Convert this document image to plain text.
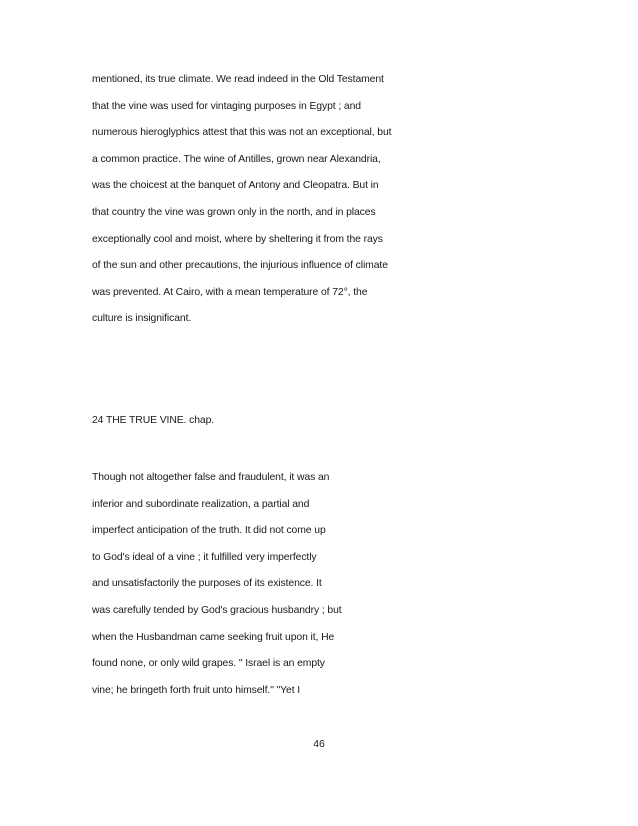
mentioned, its true climate. We read indeed in the Old Testament
that the vine was used for vintaging purposes in Egypt ; and
numerous hieroglyphics attest that this was not an exceptional, but
a common practice. The wine of Antilles, grown near Alexandria,
was the choicest at the banquet of Antony and Cleopatra. But in
that country the vine was grown only in the north, and in places
exceptionally cool and moist, where by sheltering it from the rays
of the sun and other precautions, the injurious influence of climate
was prevented. At Cairo, with a mean temperature of 72°, the
culture is insignificant.
24 THE TRUE VINE. chap.
Though not altogether false and fraudulent, it was an
inferior and subordinate realization, a partial and
imperfect anticipation of the truth. It did not come up
to God's ideal of a vine ; it fulfilled very imperfectly
and unsatisfactorily the purposes of its existence. It
was carefully tended by God's gracious husbandry ; but
when the Husbandman came seeking fruit upon it, He
found none, or only wild grapes. " Israel is an empty
vine; he bringeth forth fruit unto himself." "Yet I
46
